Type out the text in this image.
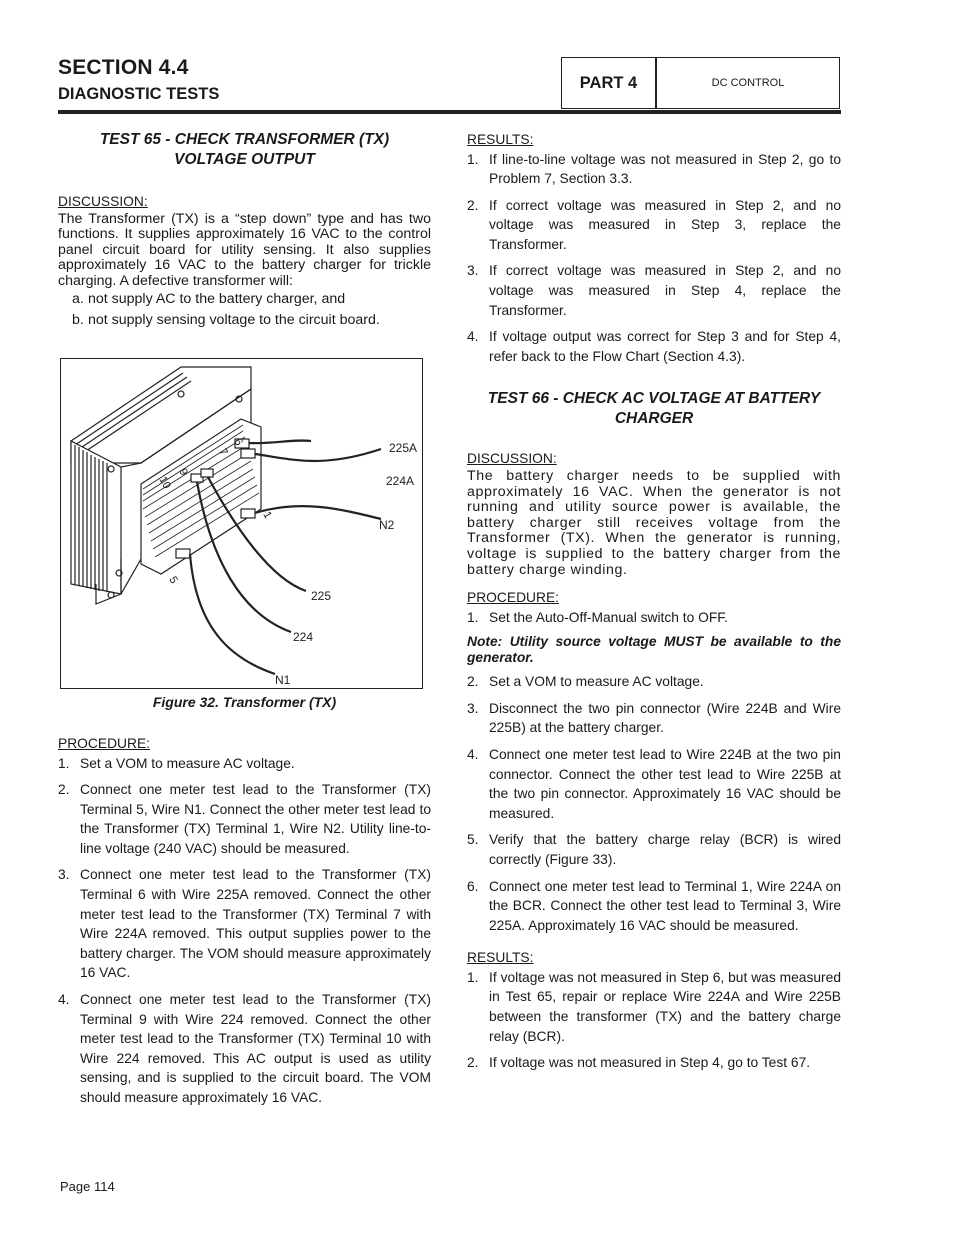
SECTION 4.4
DIAGNOSTIC TESTS
PART 4	DC CONTROL
TEST 65 - CHECK TRANSFORMER (TX)
VOLTAGE OUTPUT
DISCUSSION:
The Transformer (TX) is a “step down” type and has two functions. It supplies approximately 16 VAC to the control panel circuit board for utility sensing. It also supplies approximately 16 VAC to the battery charger for trickle charging. A defective transformer will:
a. not supply AC to the battery charger, and
b. not supply sensing voltage to the circuit board.
225A
224A
N2
225
224
N1
6
7
9
10
1
5
Figure 32. Transformer (TX)
PROCEDURE:
1. Set a VOM to measure AC voltage.
2. Connect one meter test lead to the Transformer (TX) Terminal 5, Wire N1. Connect the other meter test lead to the Transformer (TX) Terminal 1, Wire N2. Utility line-to-line voltage (240 VAC) should be measured.
3. Connect one meter test lead to the Transformer (TX) Terminal 6 with Wire 225A removed. Connect the other meter test lead to the Transformer (TX) Terminal 7 with Wire 224A removed. This output supplies power to the battery charger. The VOM should measure approximately 16 VAC.
4. Connect one meter test lead to the Transformer (TX) Terminal 9 with Wire 224 removed. Connect the other meter test lead to the Transformer (TX) Terminal 10 with Wire 224 removed. This AC output is used as utility sensing, and is supplied to the circuit board. The VOM should measure approximately 16 VAC.
RESULTS:
1. If line-to-line voltage was not measured in Step 2, go to Problem 7, Section 3.3.
2. If correct voltage was measured in Step 2, and no voltage was measured in Step 3, replace the Transformer.
3. If correct voltage was measured in Step 2, and no voltage was measured in Step 4, replace the Transformer.
4. If voltage output was correct for Step 3 and for Step 4, refer back to the Flow Chart (Section 4.3).
TEST 66 - CHECK AC VOLTAGE AT BATTERY
CHARGER
DISCUSSION:
The battery charger needs to be supplied with approximately 16 VAC. When the generator is not running and utility source power is available, the battery charger still receives voltage from the Transformer (TX). When the generator is running, voltage is supplied to the battery charger from the battery charge winding.
PROCEDURE:
1. Set the Auto-Off-Manual switch to OFF.
Note: Utility source voltage MUST be available to the generator.
2. Set a VOM to measure AC voltage.
3. Disconnect the two pin connector (Wire 224B and Wire 225B) at the battery charger.
4. Connect one meter test lead to Wire 224B at the two pin connector. Connect the other test lead to Wire 225B at the two pin connector. Approximately 16 VAC should be measured.
5. Verify that the battery charge relay (BCR) is wired correctly (Figure 33).
6. Connect one meter test lead to Terminal 1, Wire 224A on the BCR. Connect the other test lead to Terminal 3, Wire 225A. Approximately 16 VAC should be measured.
RESULTS:
1. If voltage was not measured in Step 6, but was measured in Test 65, repair or replace Wire 224A and Wire 225B between the transformer (TX) and the battery charge relay (BCR).
2. If voltage was not measured in Step 4, go to Test 67.
Page 114
